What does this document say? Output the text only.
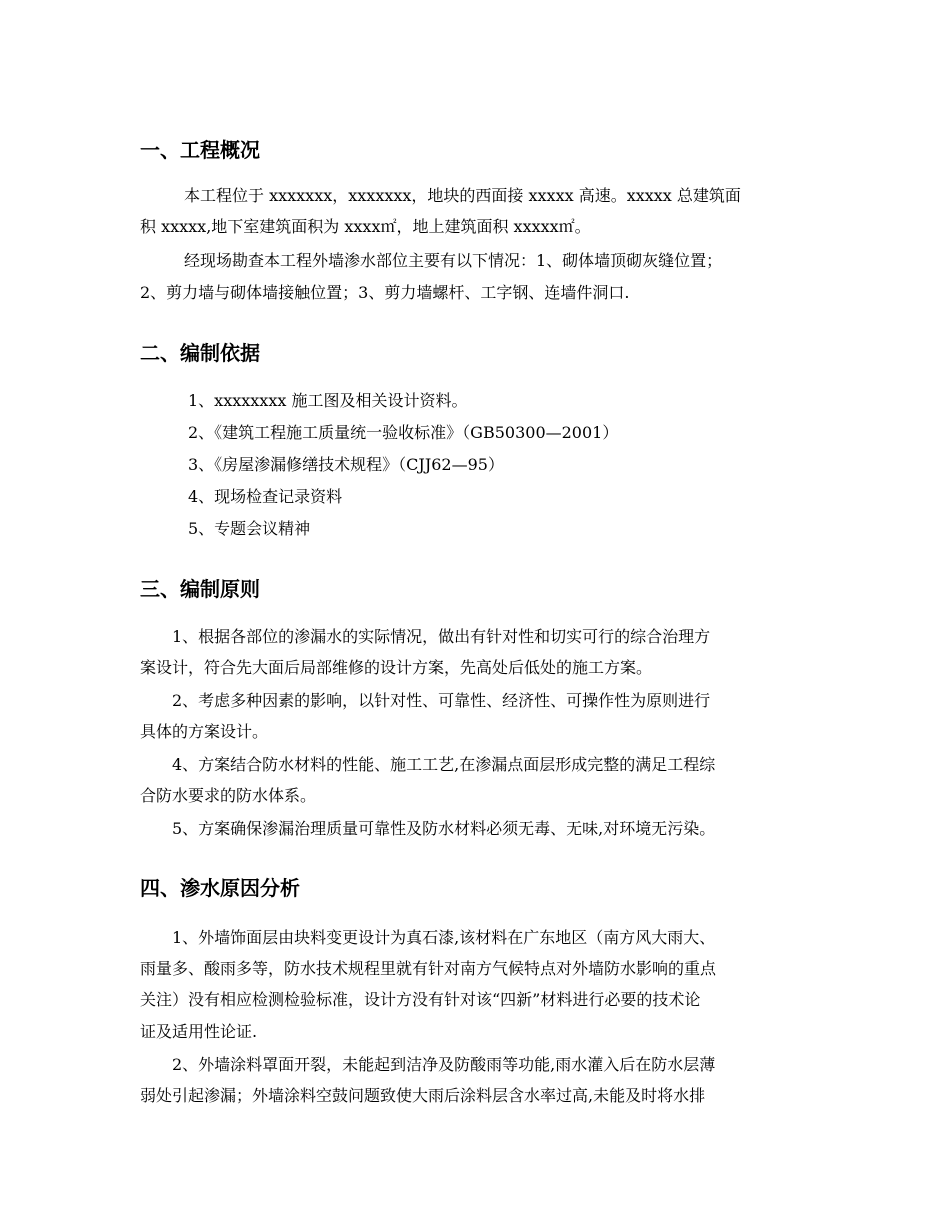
一、工程概况
本工程位于 xxxxxxx，xxxxxxx，地块的西面接 xxxxx 高速。xxxxx 总建筑面
积 xxxxx,地下室建筑面积为 xxxx㎡，地上建筑面积 xxxxx㎡。
经现场勘查本工程外墙渗水部位主要有以下情况：1、砌体墙顶砌灰缝位置；
2、剪力墙与砌体墙接触位置；3、剪力墙螺杆、工字钢、连墙件洞口.
二、编制依据
1、xxxxxxxx 施工图及相关设计资料。
2、《建筑工程施工质量统一验收标准》（GB50300—2001）
3、《房屋渗漏修缮技术规程》（CJJ62—95）
4、现场检查记录资料
5、专题会议精神
三、编制原则
1、根据各部位的渗漏水的实际情况，做出有针对性和切实可行的综合治理方
案设计，符合先大面后局部维修的设计方案，先高处后低处的施工方案。
2、考虑多种因素的影响，以针对性、可靠性、经济性、可操作性为原则进行
具体的方案设计。
4、方案结合防水材料的性能、施工工艺,在渗漏点面层形成完整的满足工程综
合防水要求的防水体系。
5、方案确保渗漏治理质量可靠性及防水材料必须无毒、无味,对环境无污染。
四、渗水原因分析
1、外墙饰面层由块料变更设计为真石漆,该材料在广东地区（南方风大雨大、
雨量多、酸雨多等，防水技术规程里就有针对南方气候特点对外墙防水影响的重点
关注）没有相应检测检验标准，设计方没有针对该“四新”材料进行必要的技术论
证及适用性论证.
2、外墙涂料罩面开裂，未能起到洁净及防酸雨等功能,雨水灌入后在防水层薄
弱处引起渗漏；外墙涂料空鼓问题致使大雨后涂料层含水率过高,未能及时将水排
